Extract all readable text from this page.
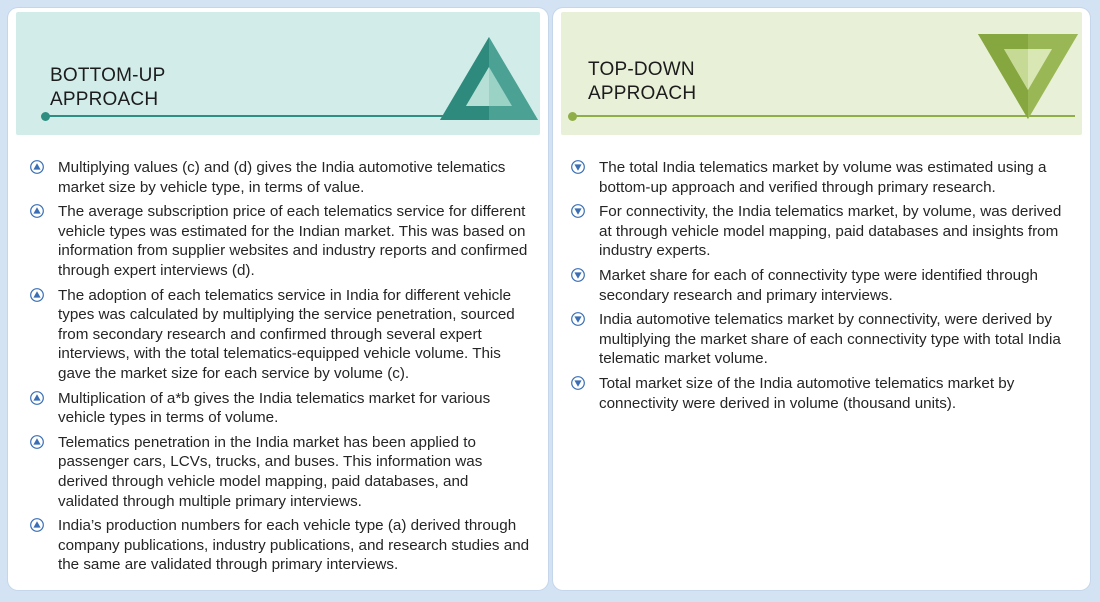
BOTTOM-UP
APPROACH
Multiplying values (c) and (d) gives the India automotive telematics market size by vehicle type, in terms of value.
The average subscription price of each telematics service for different vehicle types was estimated for the Indian market. This was based on information from supplier websites and industry reports and confirmed through expert interviews (d).
The adoption of each telematics service in India for different vehicle types was calculated by multiplying the service penetration, sourced from secondary research and confirmed through several expert interviews, with the total telematics-equipped vehicle volume. This gave the market size for each service by volume (c).
Multiplication of a*b gives the India telematics market for various vehicle types in terms of volume.
Telematics penetration in the India market has been applied to passenger cars, LCVs, trucks, and buses. This information was derived through vehicle model mapping, paid databases, and validated through multiple primary interviews.
India’s production numbers for each vehicle type (a) derived through company publications, industry publications, and research studies and the same are validated through primary interviews.
TOP-DOWN
APPROACH
The total India telematics market by volume was estimated using a bottom-up approach and verified through primary research.
For connectivity, the India telematics market, by volume, was derived at through vehicle model mapping, paid databases and insights from industry experts.
Market share for each of connectivity type were identified through secondary research and primary interviews.
India automotive telematics market by connectivity, were derived by multiplying the market share of each connectivity type with total India telematic market volume.
Total market size of the India automotive telematics market by connectivity were derived in volume (thousand units).
